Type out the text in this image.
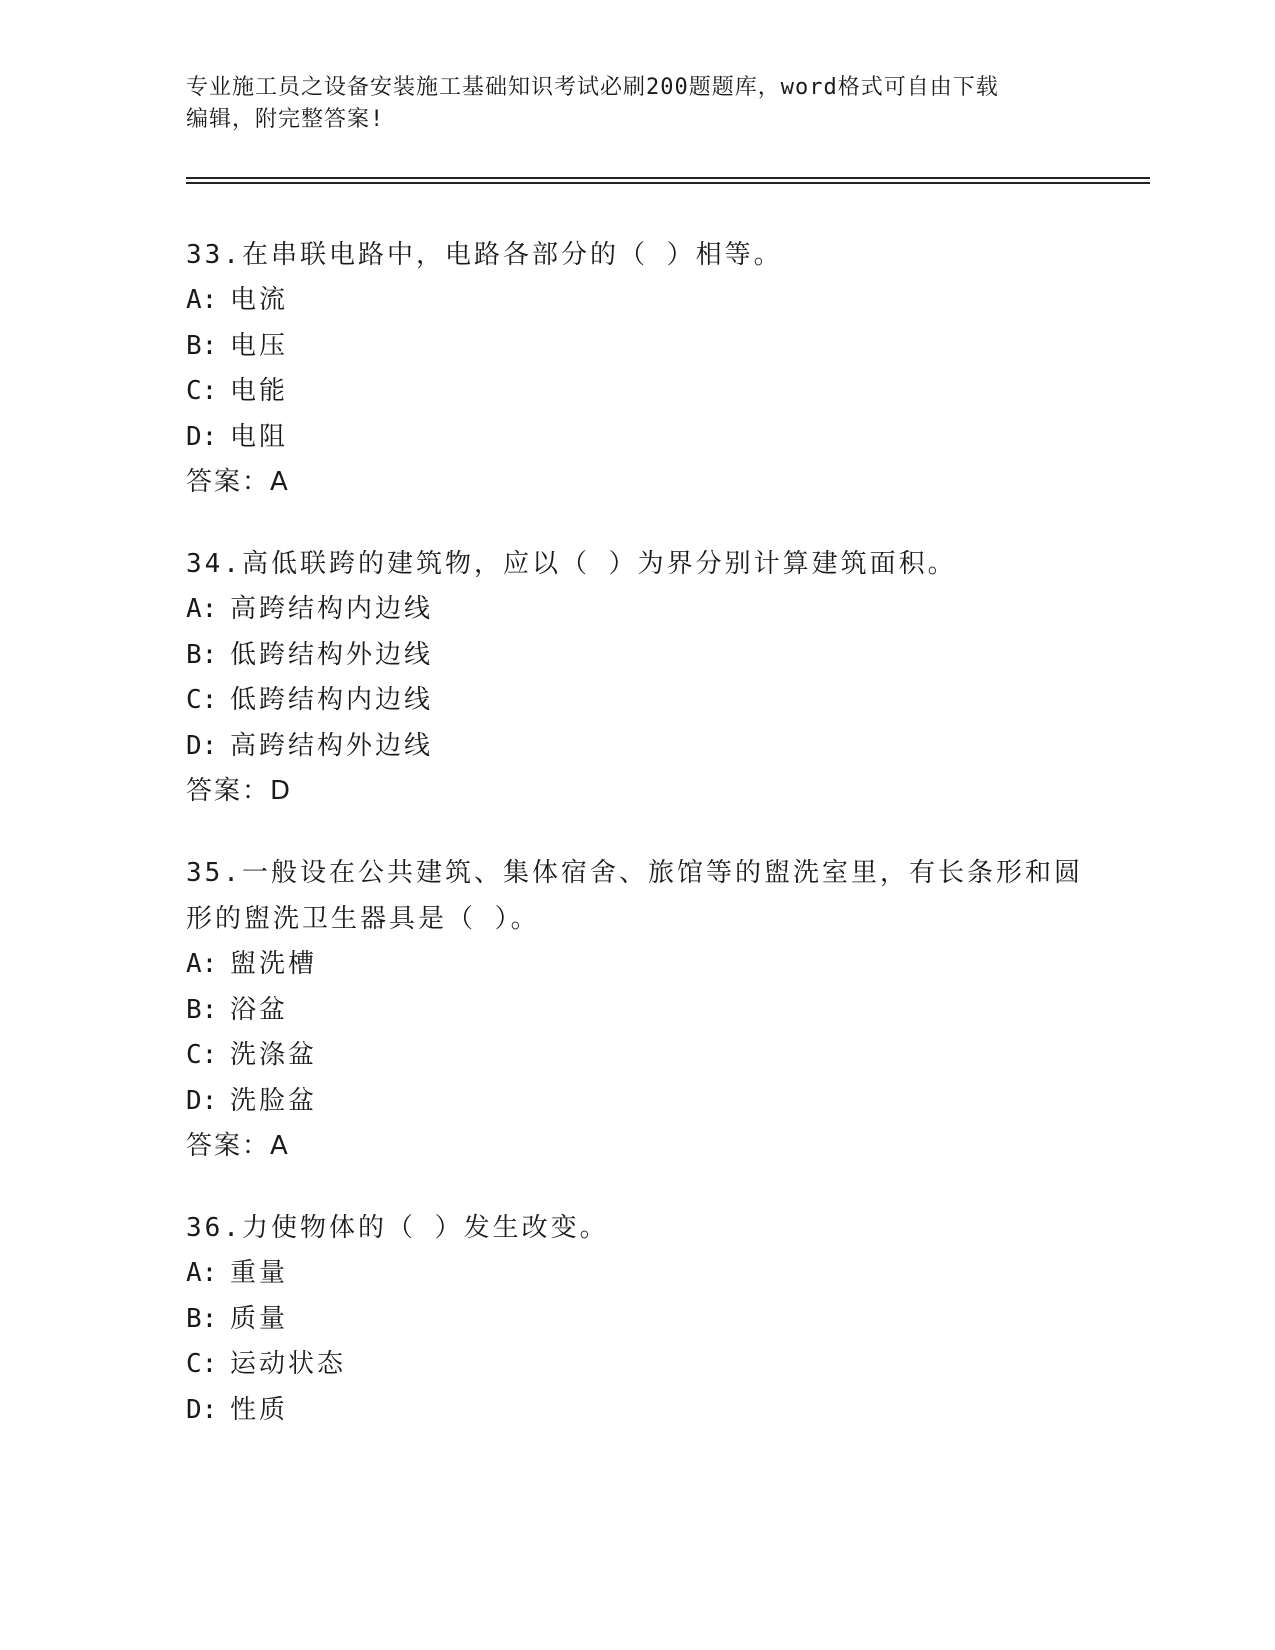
专业施工员之设备安装施工基础知识考试必刷200题题库，word格式可自由下载
编辑，附完整答案!
33.在串联电路中，电路各部分的（ ）相等。
A: 电流
B: 电压
C: 电能
D: 电阻
答案：A
34.高低联跨的建筑物，应以（ ）为界分别计算建筑面积。
A: 高跨结构内边线
B: 低跨结构外边线
C: 低跨结构内边线
D: 高跨结构外边线
答案：D
35.一般设在公共建筑、集体宿舍、旅馆等的盥洗室里，有长条形和圆形的盥洗卫生器具是（ ）。
A: 盥洗槽
B: 浴盆
C: 洗涤盆
D: 洗脸盆
答案：A
36.力使物体的（ ）发生改变。
A: 重量
B: 质量
C: 运动状态
D: 性质
